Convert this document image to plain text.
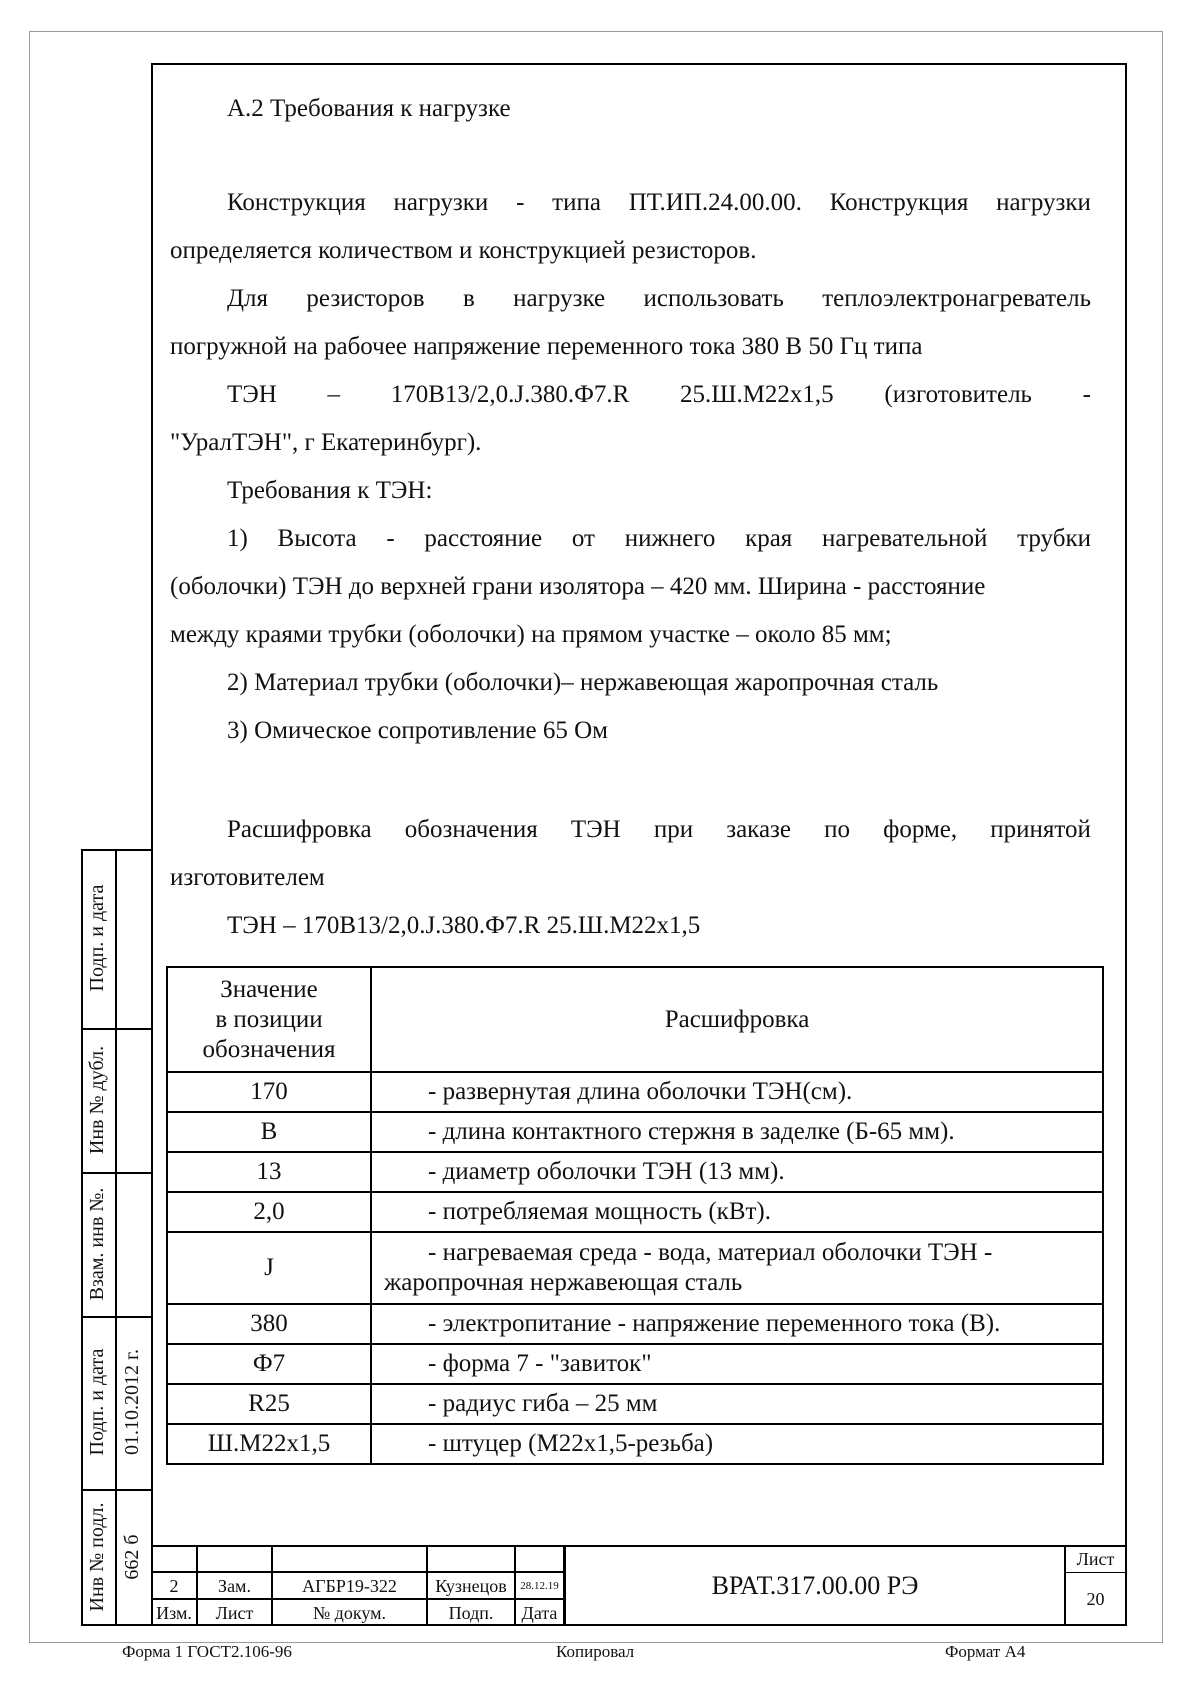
А.2 Требования к нагрузке
Конструкция нагрузки - типа ПТ.ИП.24.00.00. Конструкция нагрузки
определяется количеством и конструкцией резисторов.
Для резисторов в нагрузке использовать теплоэлектронагреватель
погружной на рабочее напряжение переменного тока 380 В 50 Гц типа
ТЭН – 170В13/2,0.J.380.Ф7.R 25.Ш.М22х1,5 (изготовитель -
"УралТЭН", г Екатеринбург).
Требования к ТЭН:
1) Высота - расстояние от нижнего края нагревательной трубки
(оболочки) ТЭН до верхней грани изолятора – 420 мм. Ширина - расстояние
между краями трубки (оболочки) на прямом участке – около 85 мм;
2) Материал трубки (оболочки)– нержавеющая жаропрочная сталь
3) Омическое сопротивление 65 Ом
Расшифровка обозначения ТЭН при заказе по форме, принятой
изготовителем
ТЭН – 170В13/2,0.J.380.Ф7.R 25.Ш.М22х1,5
Значение
в позиции
обозначения	Расшифровка
170	- развернутая длина оболочки ТЭН(см).
В	- длина контактного стержня в заделке (Б-65 мм).
13	- диаметр оболочки ТЭН (13 мм).
2,0	- потребляемая мощность (кВт).
J	- нагреваемая среда - вода, материал оболочки ТЭН - жаропрочная нержавеющая сталь
380	- электропитание - напряжение переменного тока (В).
Ф7	- форма 7 - "завиток"
R25	- радиус гиба – 25 мм
Ш.М22х1,5	- штуцер (М22х1,5-резьба)
Подп. и дата
Инв № дубл.
Взам. инв №.
Подп. и дата 01.10.2012 г.
Инв № подл. 662 б
2	Зам.	АГБР19-322	Кузнецов	28.12.19
Изм.	Лист	№ докум.	Подп.	Дата
ВРАТ.317.00.00 РЭ
Лист
20
Форма 1 ГОСТ2.106-96	Копировал	Формат А4
